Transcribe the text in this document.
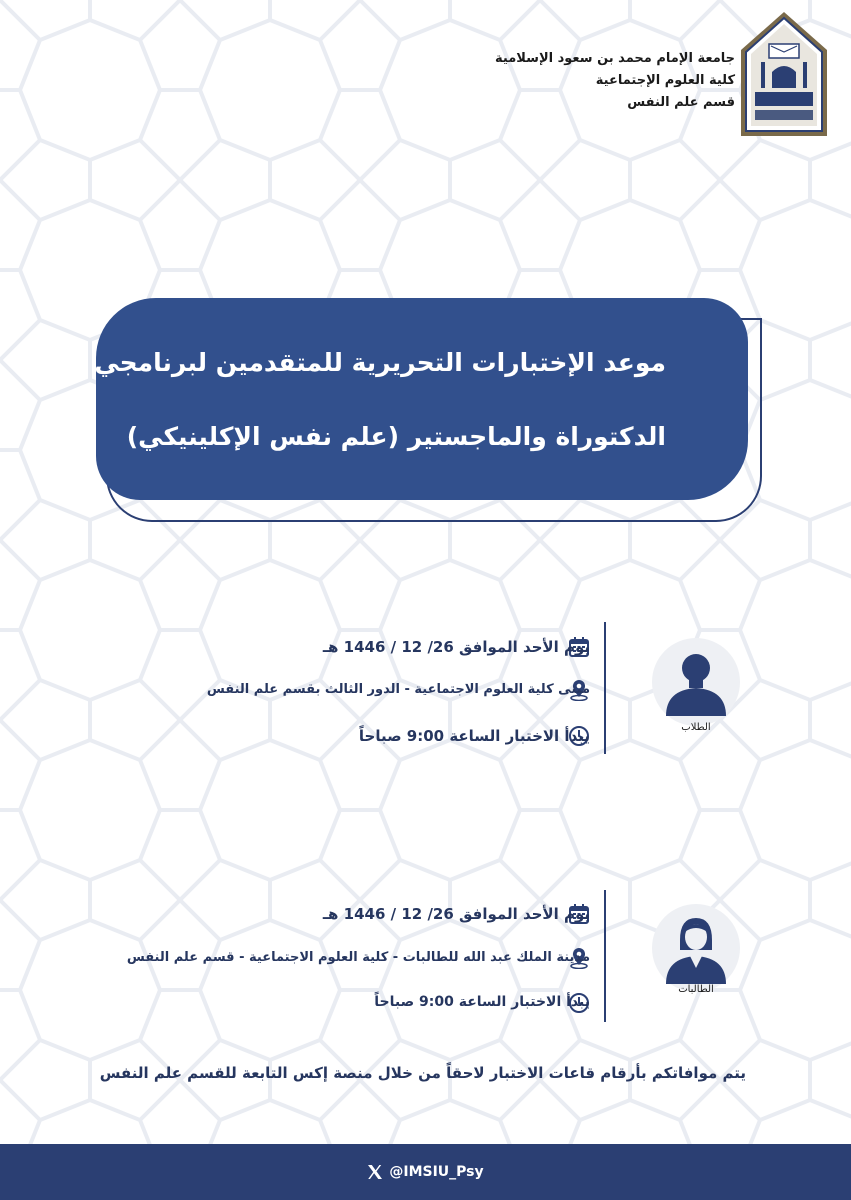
جامعة الإمام محمد بن سعود الإسلامية
كلية العلوم الإجتماعية
قسم علم النفس
موعد الإختبارات التحريرية للمتقدمين لبرنامجي
الدكتوراة والماجستير (علم نفس الإكلينيكي)
الطلاب
يوم الأحد الموافق 26/ 12 / 1446 هـ
مبنى كلية العلوم الاجتماعية - الدور الثالث بقسم علم النفس
يبدأ الاختبار الساعة 9:00 صباحاً
الطالبات
يوم الأحد الموافق 26/ 12 / 1446 هـ
مدينة الملك عبد الله للطالبات - كلية العلوم الاجتماعية - قسم علم النفس
يبدأ الاختبار الساعة 9:00 صباحاً
يتم موافاتكم بأرقام قاعات الاختبار لاحقاً من خلال منصة إكس التابعة للقسم علم النفس
@IMSIU_Psy
